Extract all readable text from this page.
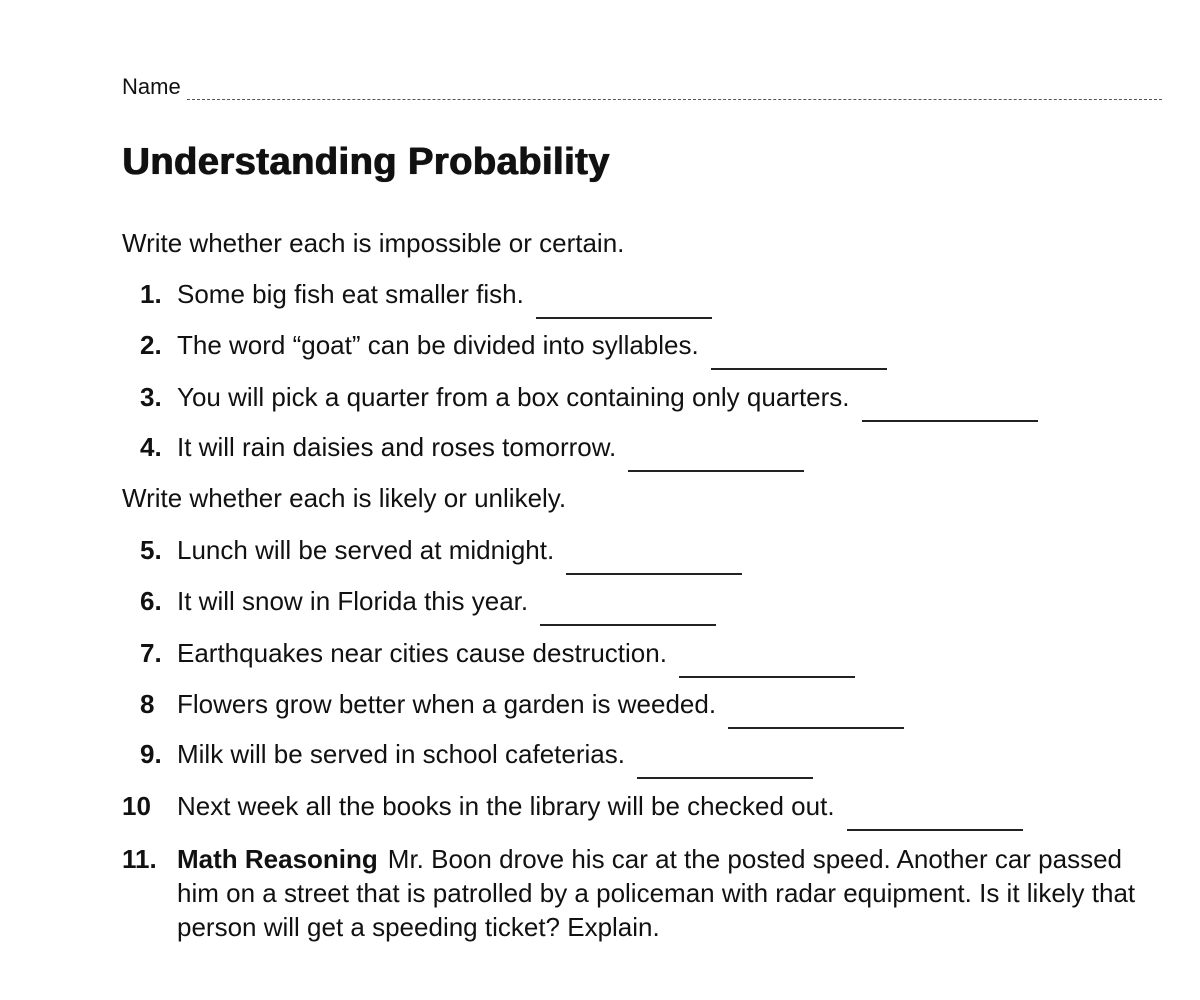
Name
Understanding Probability
Write whether each is impossible or certain.
1. Some big fish eat smaller fish.
2. The word “goat” can be divided into syllables.
3. You will pick a quarter from a box containing only quarters.
4. It will rain daisies and roses tomorrow.
Write whether each is likely or unlikely.
5. Lunch will be served at midnight.
6. It will snow in Florida this year.
7. Earthquakes near cities cause destruction.
8 Flowers grow better when a garden is weeded.
9. Milk will be served in school cafeterias.
10	Next week all the books in the library will be checked out.
11. Math Reasoning Mr. Boon drove his car at the posted speed. Another car passed him on a street that is patrolled by a policeman with radar equipment. Is it likely that person will get a speeding ticket? Explain.
